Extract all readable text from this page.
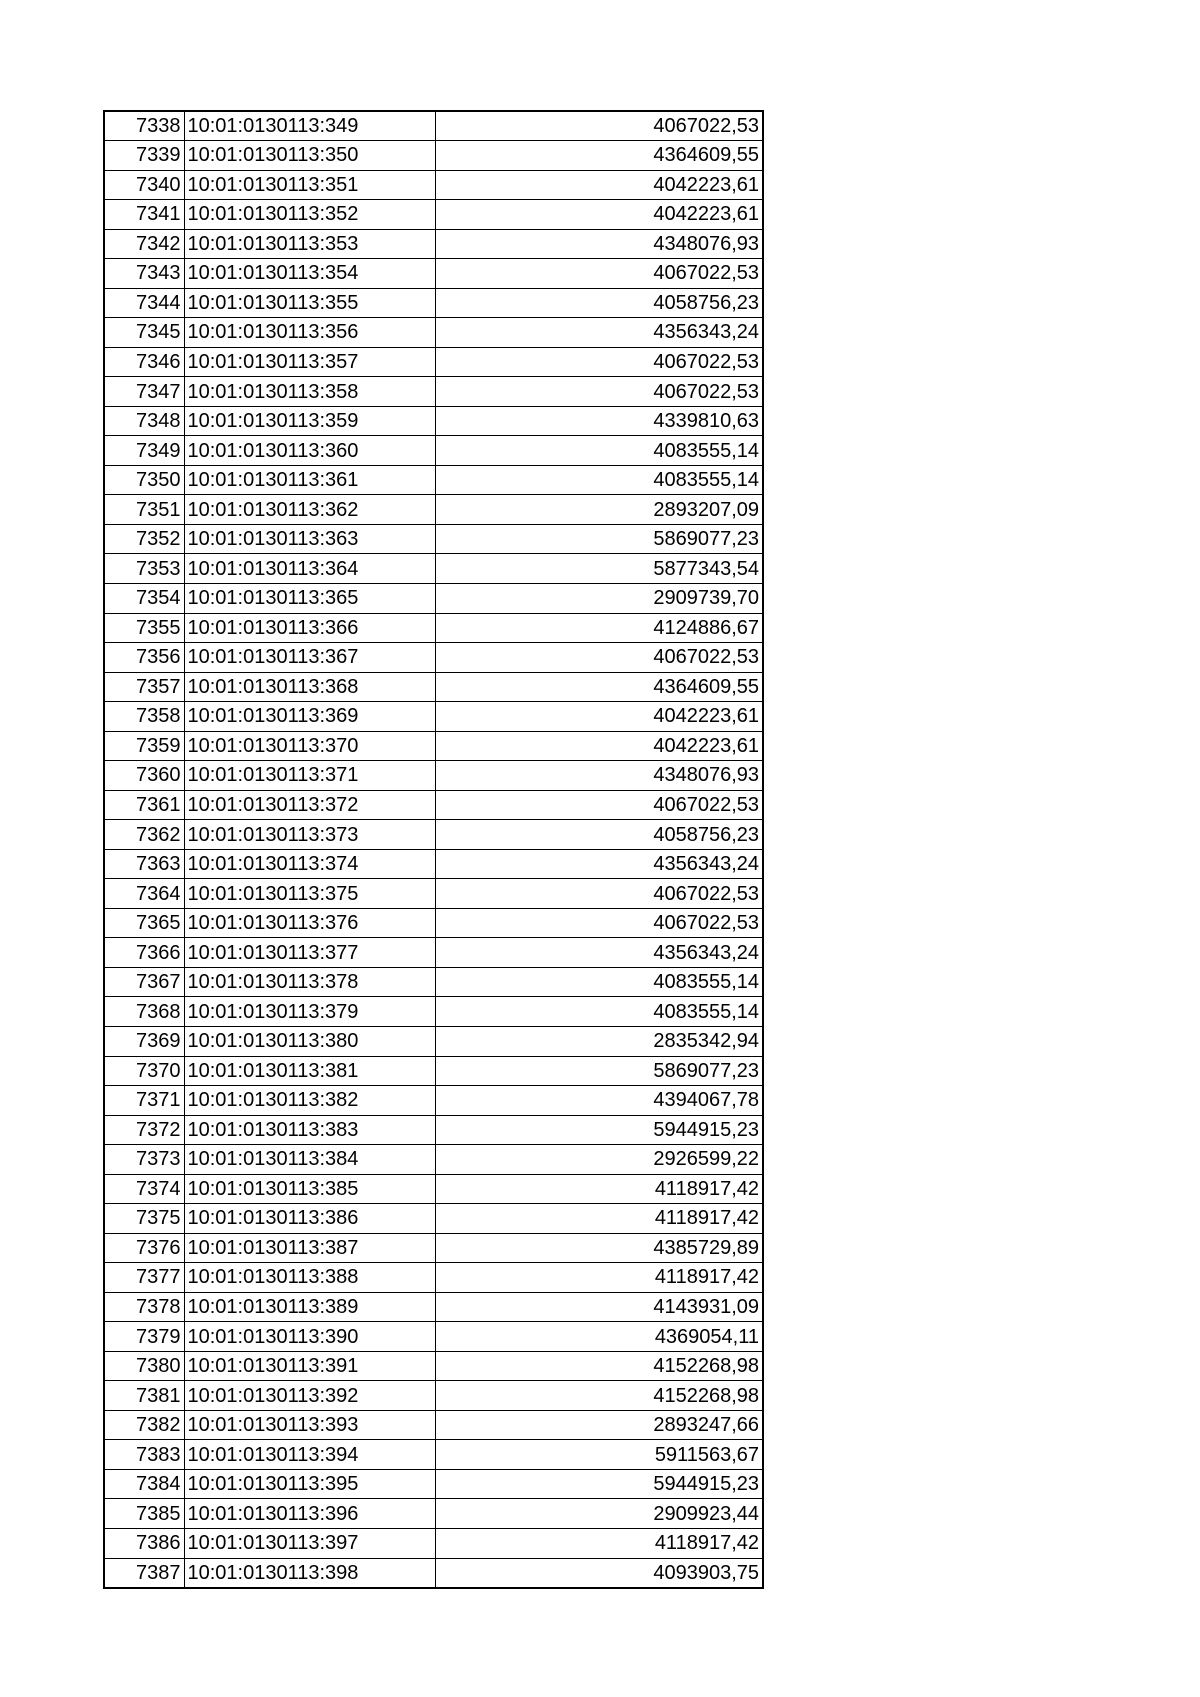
7338	10:01:0130113:349	4067022,53
7339	10:01:0130113:350	4364609,55
7340	10:01:0130113:351	4042223,61
7341	10:01:0130113:352	4042223,61
7342	10:01:0130113:353	4348076,93
7343	10:01:0130113:354	4067022,53
7344	10:01:0130113:355	4058756,23
7345	10:01:0130113:356	4356343,24
7346	10:01:0130113:357	4067022,53
7347	10:01:0130113:358	4067022,53
7348	10:01:0130113:359	4339810,63
7349	10:01:0130113:360	4083555,14
7350	10:01:0130113:361	4083555,14
7351	10:01:0130113:362	2893207,09
7352	10:01:0130113:363	5869077,23
7353	10:01:0130113:364	5877343,54
7354	10:01:0130113:365	2909739,70
7355	10:01:0130113:366	4124886,67
7356	10:01:0130113:367	4067022,53
7357	10:01:0130113:368	4364609,55
7358	10:01:0130113:369	4042223,61
7359	10:01:0130113:370	4042223,61
7360	10:01:0130113:371	4348076,93
7361	10:01:0130113:372	4067022,53
7362	10:01:0130113:373	4058756,23
7363	10:01:0130113:374	4356343,24
7364	10:01:0130113:375	4067022,53
7365	10:01:0130113:376	4067022,53
7366	10:01:0130113:377	4356343,24
7367	10:01:0130113:378	4083555,14
7368	10:01:0130113:379	4083555,14
7369	10:01:0130113:380	2835342,94
7370	10:01:0130113:381	5869077,23
7371	10:01:0130113:382	4394067,78
7372	10:01:0130113:383	5944915,23
7373	10:01:0130113:384	2926599,22
7374	10:01:0130113:385	4118917,42
7375	10:01:0130113:386	4118917,42
7376	10:01:0130113:387	4385729,89
7377	10:01:0130113:388	4118917,42
7378	10:01:0130113:389	4143931,09
7379	10:01:0130113:390	4369054,11
7380	10:01:0130113:391	4152268,98
7381	10:01:0130113:392	4152268,98
7382	10:01:0130113:393	2893247,66
7383	10:01:0130113:394	5911563,67
7384	10:01:0130113:395	5944915,23
7385	10:01:0130113:396	2909923,44
7386	10:01:0130113:397	4118917,42
7387	10:01:0130113:398	4093903,75
